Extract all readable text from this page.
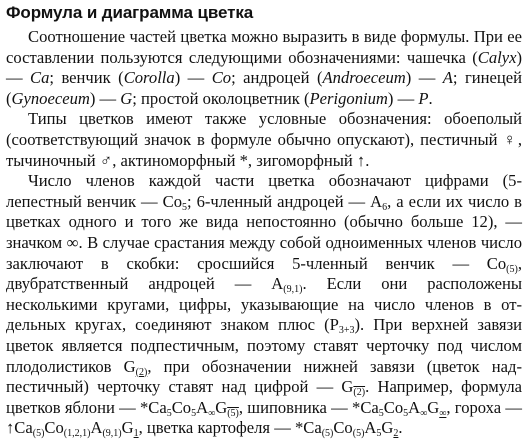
Формула и диаграмма цветка

Соотношение частей цветка можно выразить в виде формулы. При ее составлении пользуются следующими обозначениями: чашечка (Calyx) — Ca; венчик (Corolla) — Co; андроцей (Androeceum) — A; гинецей (Gynoeceum) — G; простой околоцветник (Perigonium) — P.

Типы цветков имеют также условные обозначения: обоеполый (соответствующий значок в формуле обычно опускают), пестичный ♀, тычиночный ♂, актиноморфный *, зигоморфный ↑.

Число членов каждой части цветка обозначают цифрами (5-лепестный венчик — $Co_5$; 6-членный андроцей — $A_6$, а если их число в цветках одного и того же вида непостоянно (обычно больше 12), — значком ∞. В случае срастания между собой одноименных членов число заключают в скобки: сросшийся 5-членный венчик — $Co_{(5)}$, двубратственный андроцей — $A_{(9,1)}$. Если они расположены несколькими кругами, цифры, указывающие на число членов в отдельных кругах, соединяют знаком плюс $(P_{3+3})$. При верхней завязи цветок является подпестичным, поэтому ставят черточку под числом плодолистиков $G_{(2)}$, при обозначении нижней завязи (цветок надпестичный) черточку ставят над цифрой — $G_{(2)}$. Например, формула цветков яблони — $*Ca_5Co_5A_\infty G_{(5)}$, шиповника — $*Ca_5Co_5A_\infty G_\infty$, гороха $—↑Ca_{(5)}Co_{(1,2,1)}A_{(9,1)}G_1$, цветка картофеля — $*Ca_{(5)}Co_{(5)}A_5G_2$.
